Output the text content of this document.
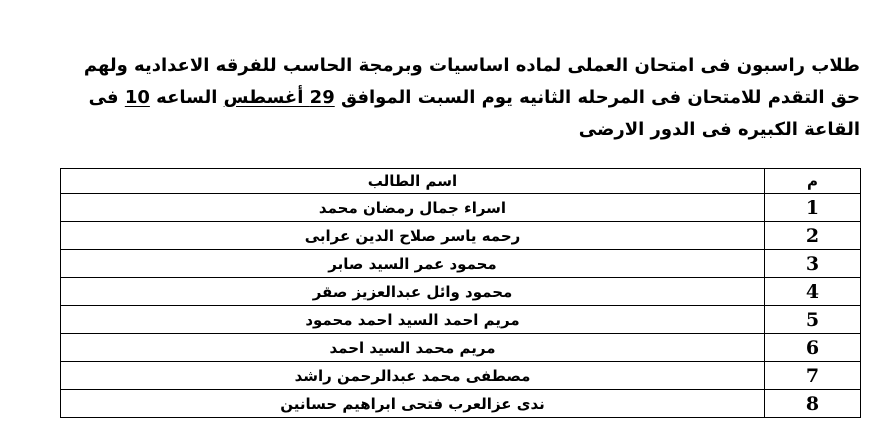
طلاب راسبون فى امتحان العملى لماده اساسيات وبرمجة الحاسب للفرقه الاعداديه ولهم حق التقدم للامتحان فى المرحله الثانيه يوم السبت الموافق 29 أغسطس الساعه 10 فى القاعة الكبيره فى الدور الارضى
م	اسم الطالب
1	اسراء جمال رمضان محمد
2	رحمه ياسر صلاح الدين عرابى
3	محمود عمر السيد صابر
4	محمود وائل عبدالعزيز صقر
5	مريم احمد السيد احمد محمود
6	مريم محمد السيد احمد
7	مصطفى محمد عبدالرحمن راشد
8	ندى عزالعرب فتحى ابراهيم حسانين
